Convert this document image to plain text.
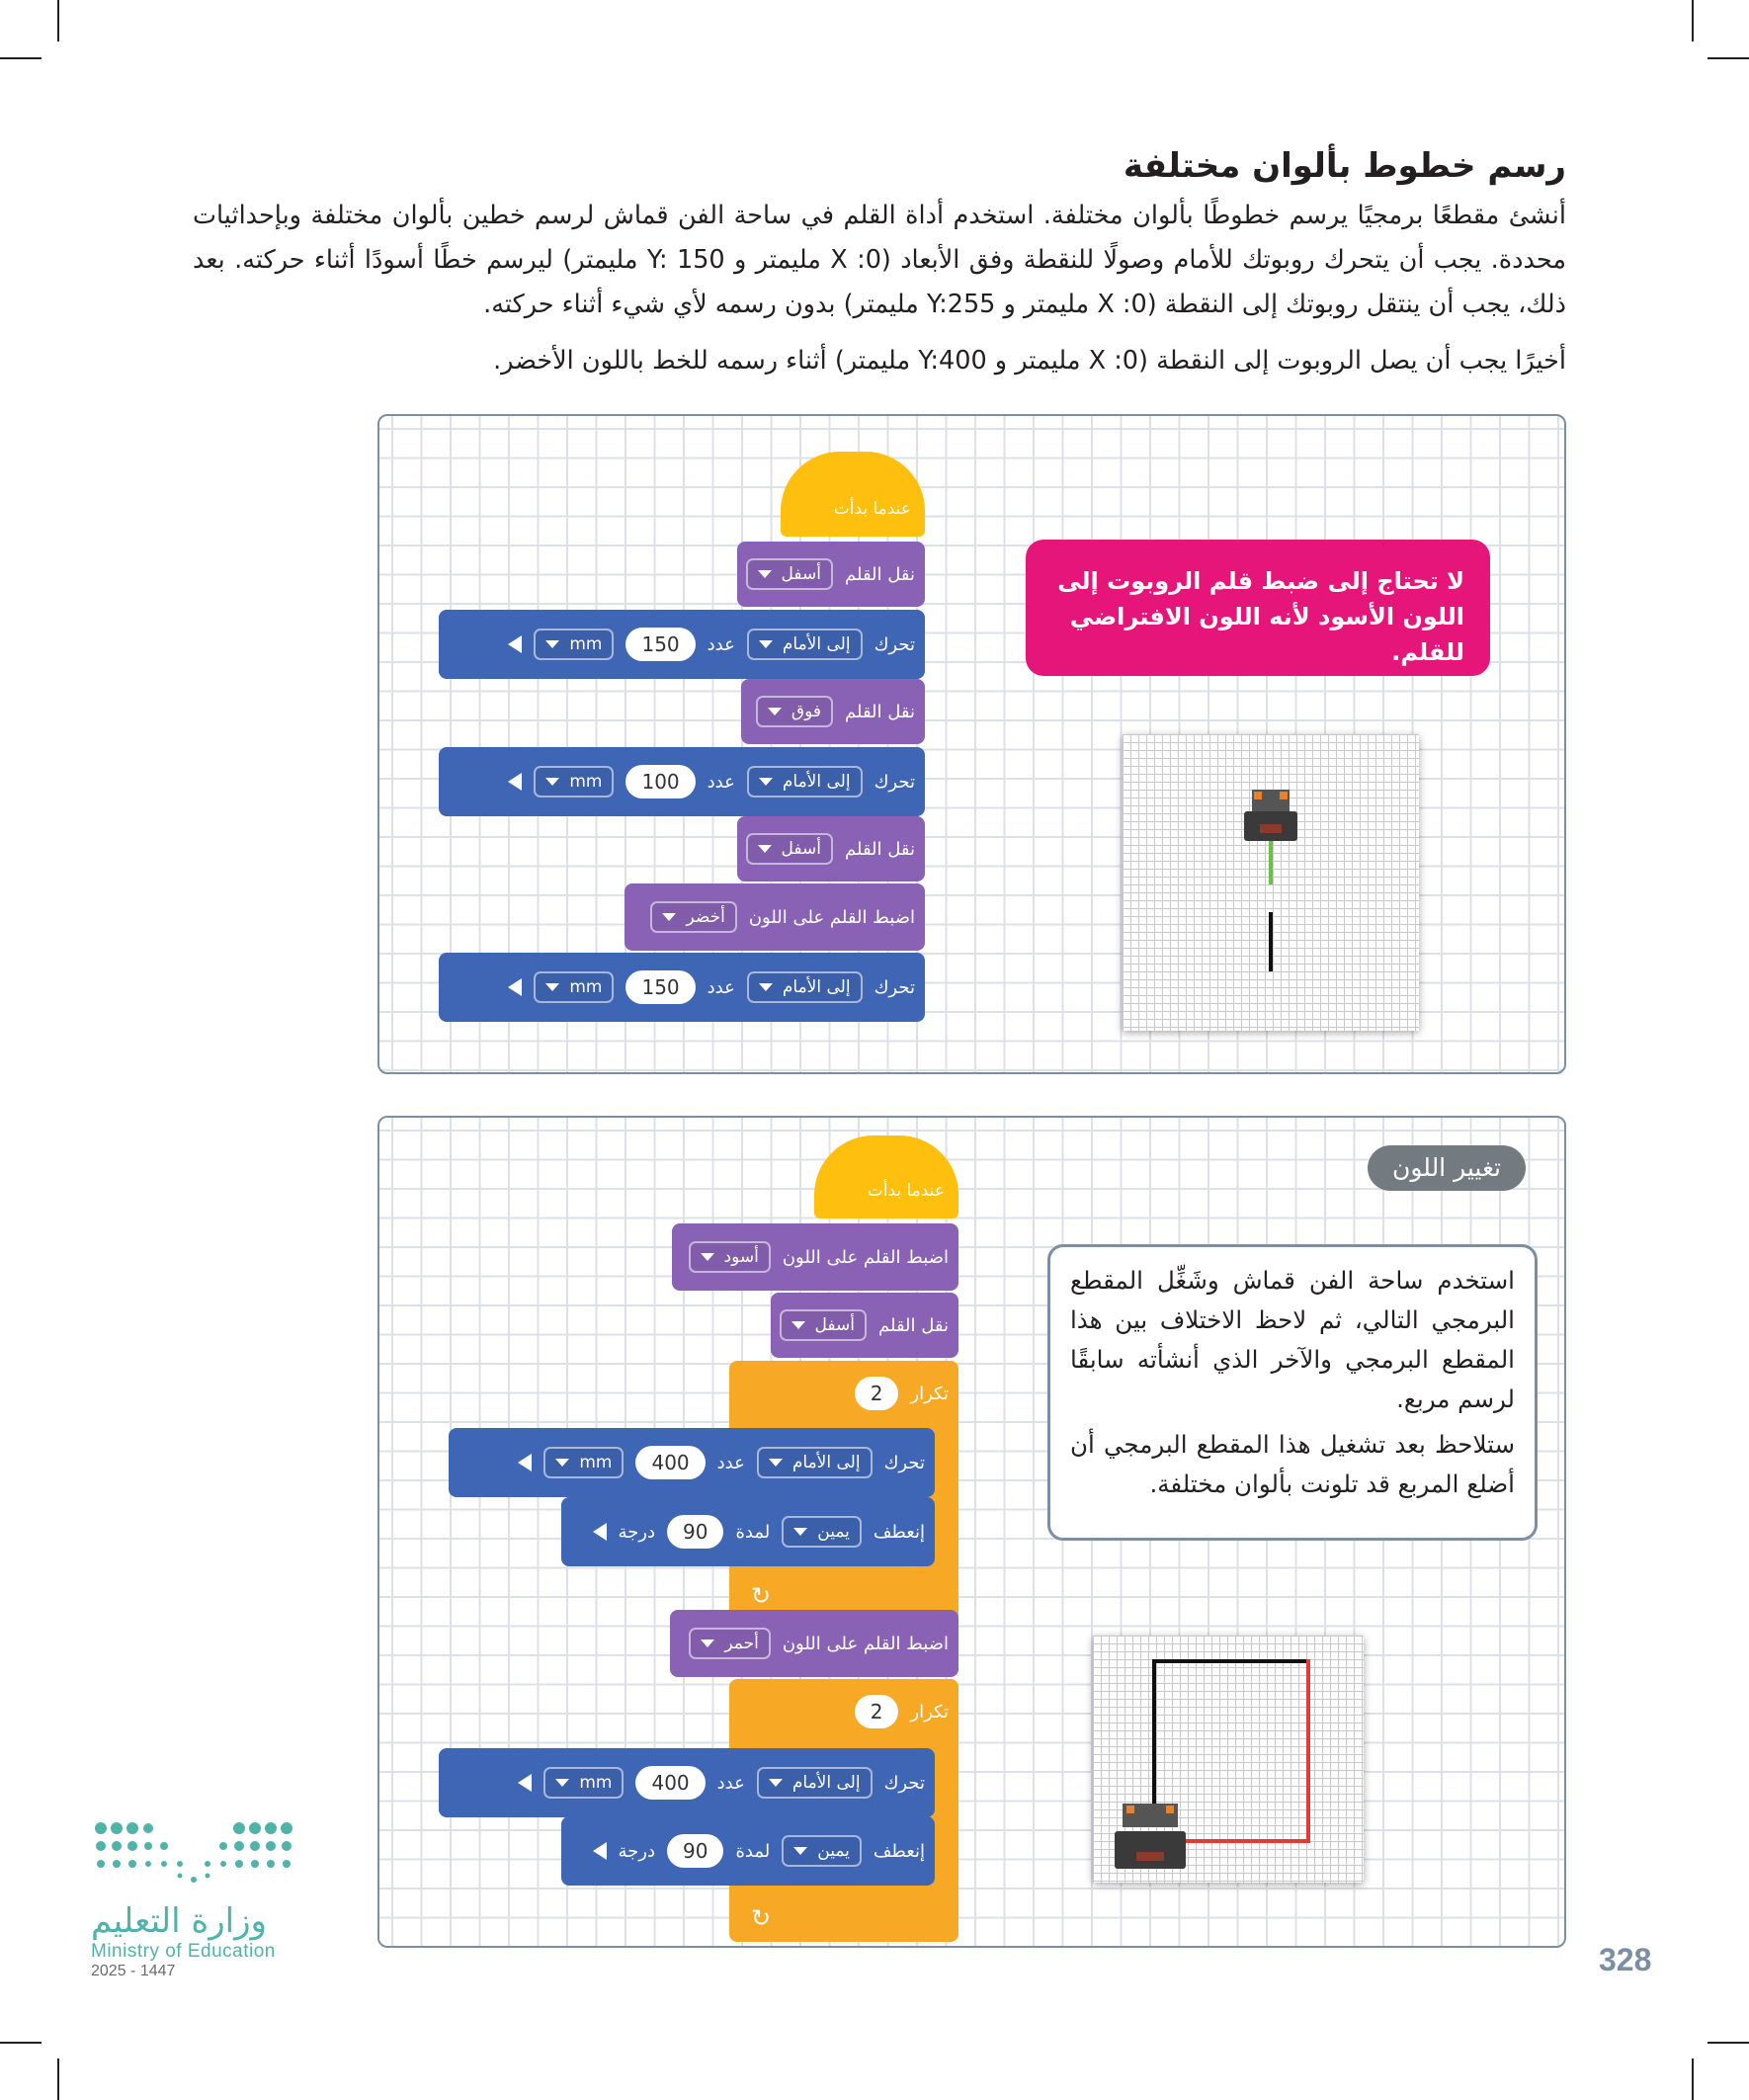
رسم خطوط بألوان مختلفة
أنشئ مقطعًا برمجيًا يرسم خطوطًا بألوان مختلفة. استخدم أداة القلم في ساحة الفن قماش لرسم خطين بألوان مختلفة وبإحداثيات محددة. يجب أن يتحرك روبوتك للأمام وصولًا للنقطة وفق الأبعاد (X :0 مليمتر و Y: 150 مليمتر) ليرسم خطًا أسودًا أثناء حركته. بعد ذلك، يجب أن ينتقل روبوتك إلى النقطة (X :0 مليمتر و Y:255 مليمتر) بدون رسمه لأي شيء أثناء حركته.
أخيرًا يجب أن يصل الروبوت إلى النقطة (X :0 مليمتر و Y:400 مليمتر) أثناء رسمه للخط باللون الأخضر.
عندما بدأت
نقل القلم
أسفل
تحرك
إلى الأمام
عدد
150
mm
نقل القلم
فوق
تحرك
إلى الأمام
عدد
100
mm
نقل القلم
أسفل
اضبط القلم على اللون
أخضر
تحرك
إلى الأمام
عدد
150
mm
لا تحتاج إلى ضبط قلم الروبوت إلى اللون الأسود لأنه اللون الافتراضي للقلم.
عندما بدأت
اضبط القلم على اللون
أسود
نقل القلم
أسفل
تكرار
2
↻
تحرك
إلى الأمام
عدد
400
mm
إنعطف
يمين
لمدة
90
درجة
اضبط القلم على اللون
أحمر
تكرار
2
↻
تحرك
إلى الأمام
عدد
400
mm
إنعطف
يمين
لمدة
90
درجة
تغيير اللون
استخدم ساحة الفن قماش وشَغِّل المقطع البرمجي التالي، ثم لاحظ الاختلاف بين هذا المقطع البرمجي والآخر الذي أنشأته سابقًا لرسم مربع.
ستلاحظ بعد تشغيل هذا المقطع البرمجي أن أضلع المربع قد تلونت بألوان مختلفة.
وزارة التعليم
Ministry of Education
2025 - 1447	328
